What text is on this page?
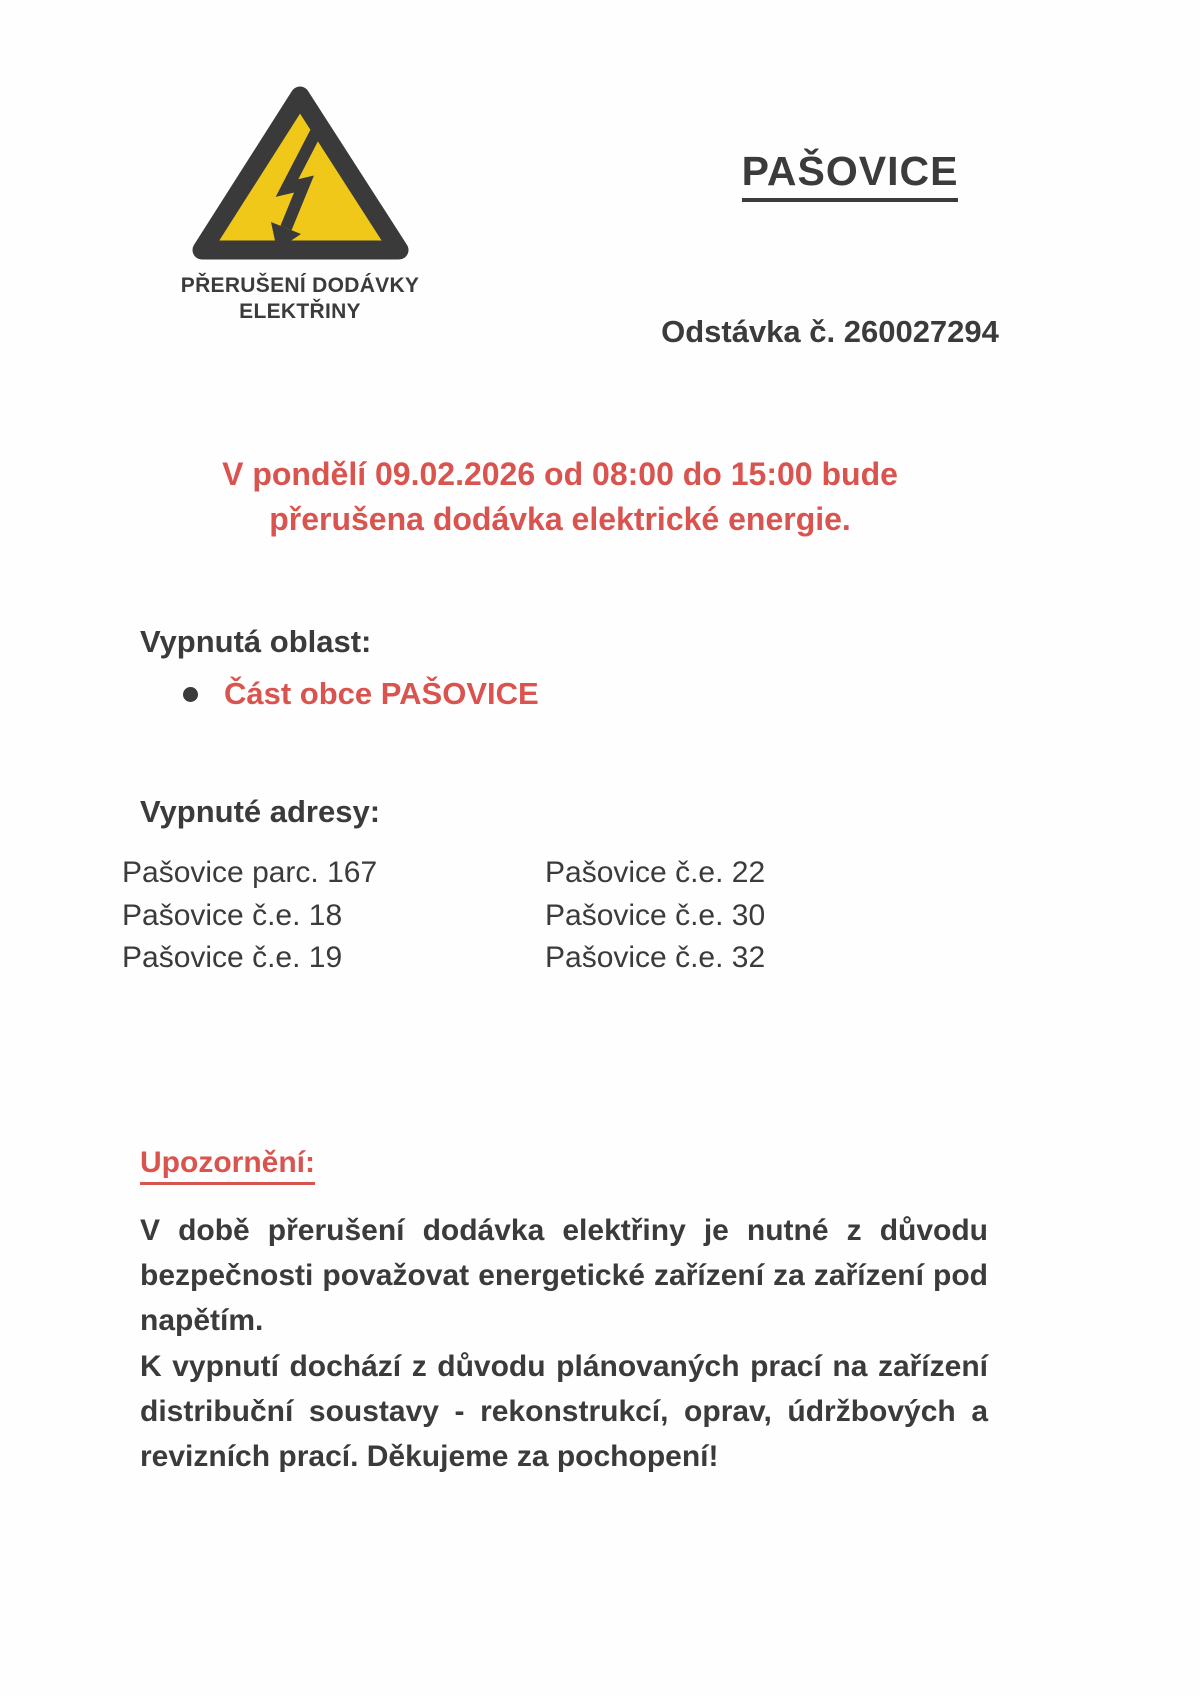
PŘERUŠENÍ DODÁVKY
ELEKTŘINY
PAŠOVICE
Odstávka č. 260027294
V pondělí 09.02.2026 od 08:00 do 15:00 bude
přerušena dodávka elektrické energie.
Vypnutá oblast:
Část obce PAŠOVICE
Vypnuté adresy:
Pašovice parc. 167
Pašovice č.e. 18
Pašovice č.e. 19
Pašovice č.e. 22
Pašovice č.e. 30
Pašovice č.e. 32
Upozornění:
V době přerušení dodávka elektřiny je nutné z důvodu bezpečnosti považovat energetické zařízení za zařízení pod napětím.
K vypnutí dochází z důvodu plánovaných prací na zařízení distribuční soustavy - rekonstrukcí, oprav, údržbových a revizních prací. Děkujeme za pochopení!
